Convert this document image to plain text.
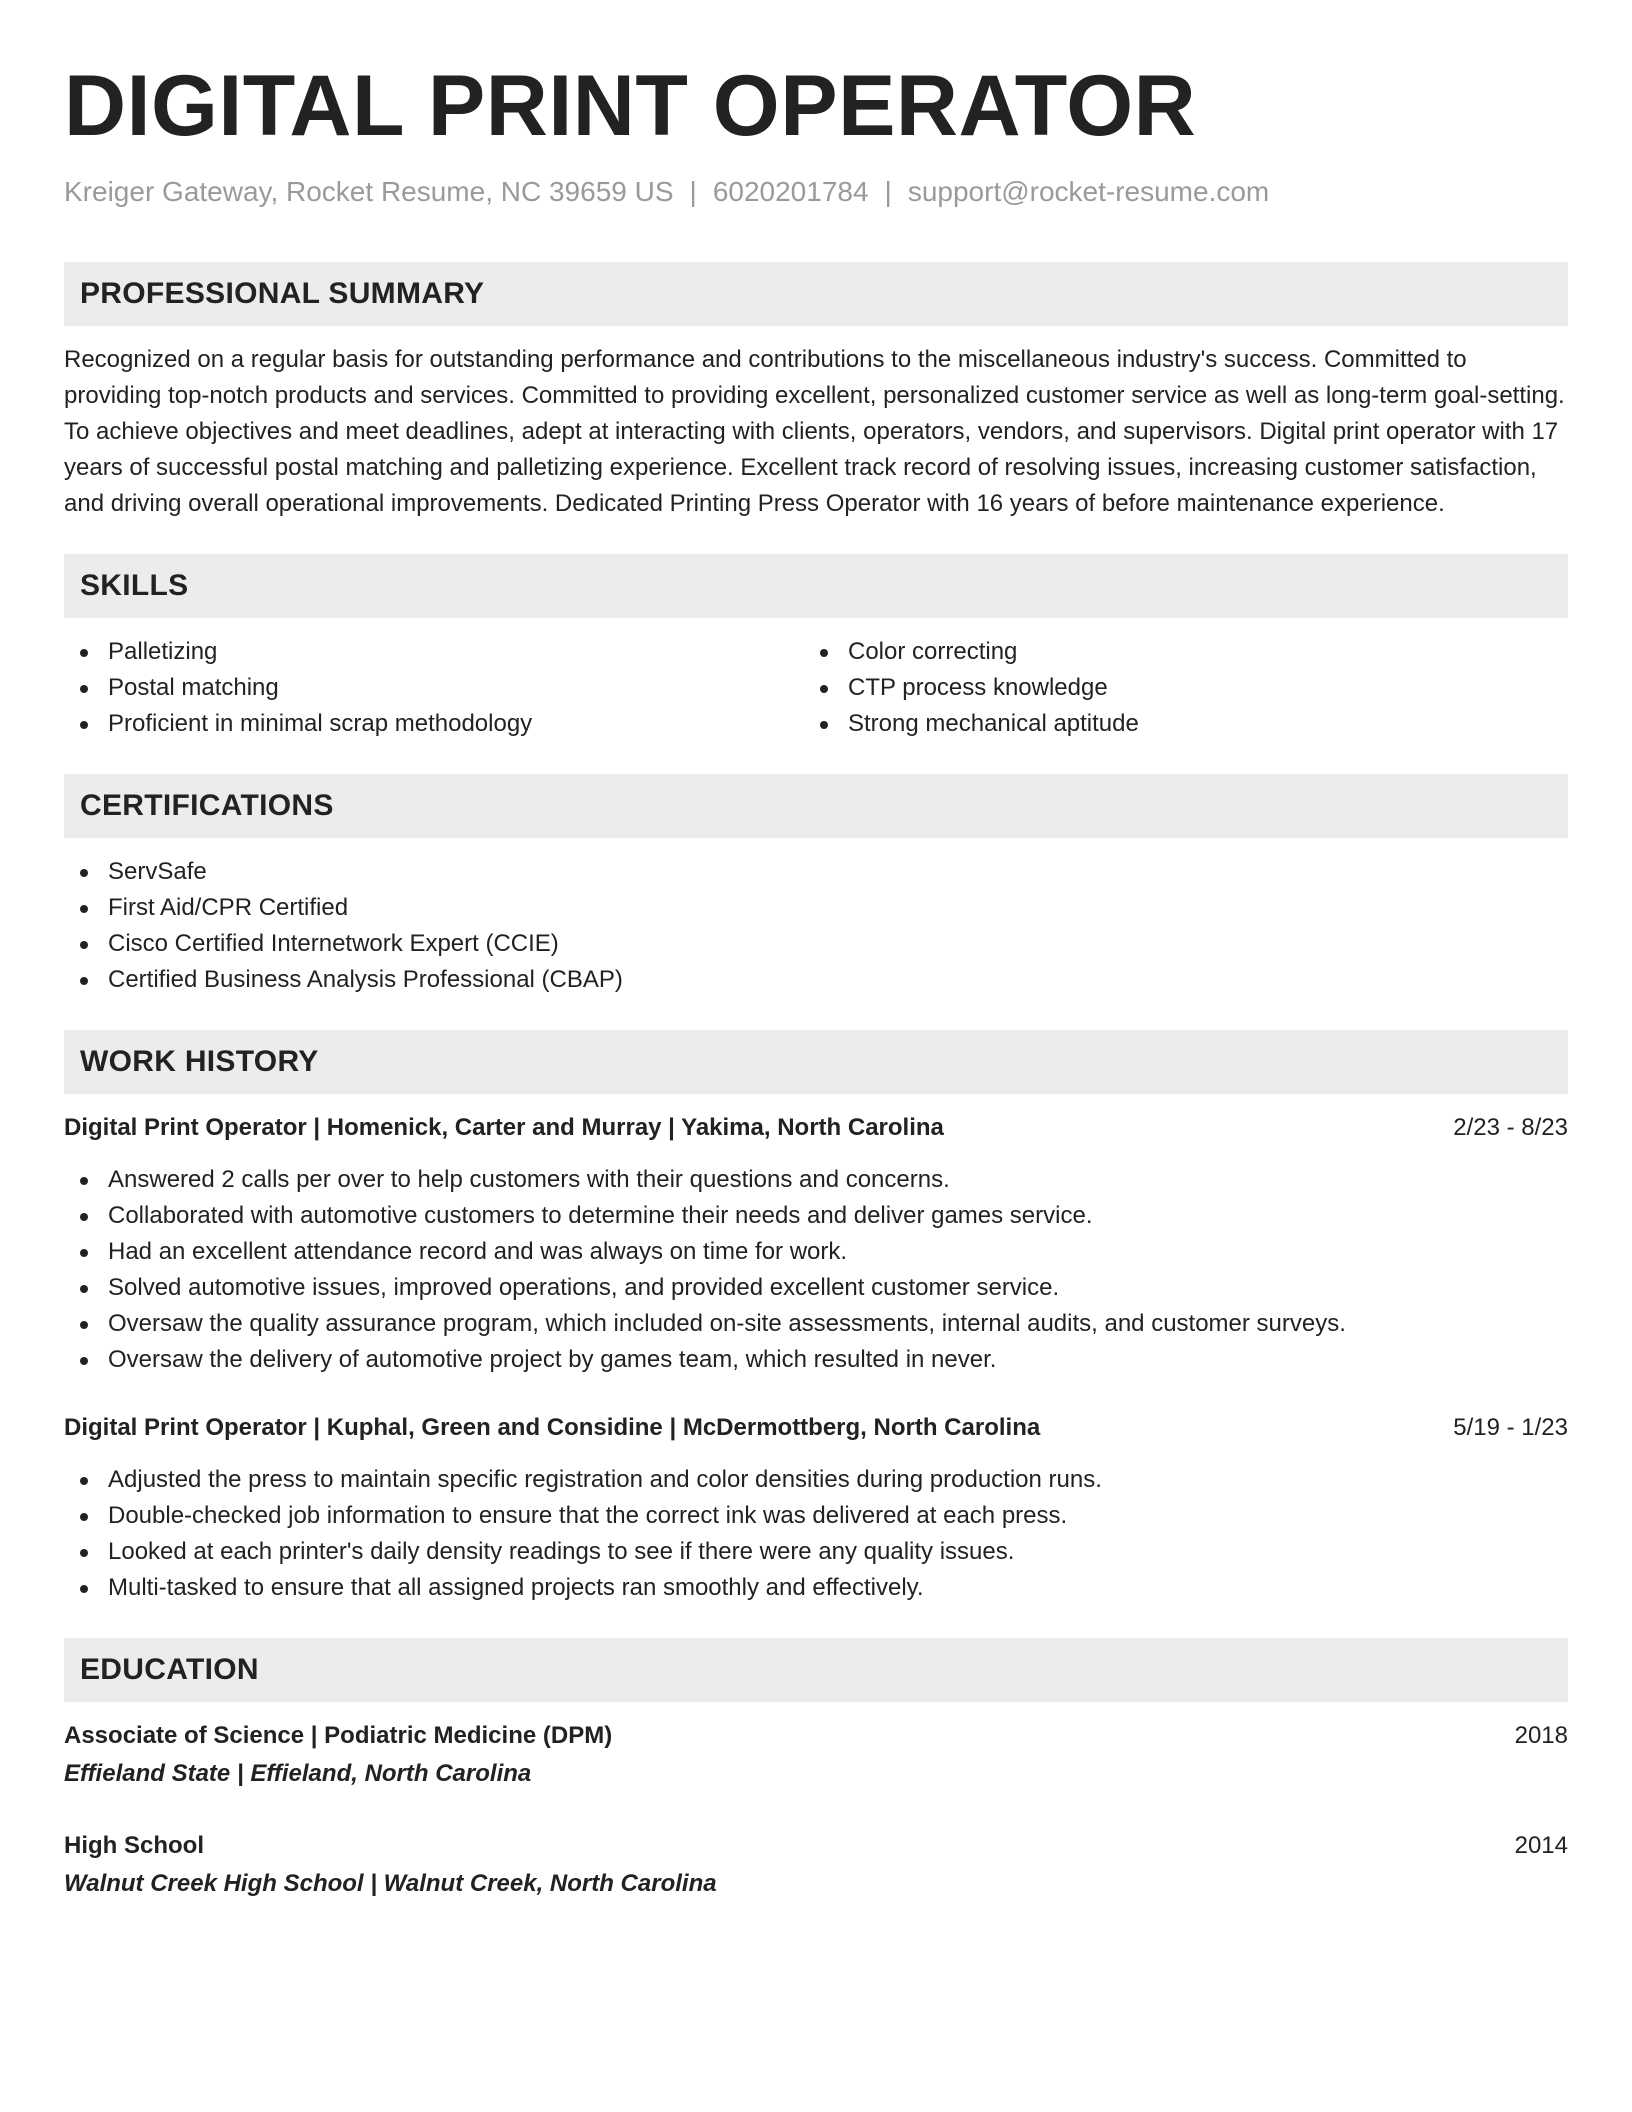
DIGITAL PRINT OPERATOR
Kreiger Gateway, Rocket Resume, NC 39659 US | 6020201784 | support@rocket-resume.com
PROFESSIONAL SUMMARY

Recognized on a regular basis for outstanding performance and contributions to the miscellaneous industry's success. Committed to providing top-notch products and services. Committed to providing excellent, personalized customer service as well as long-term goal-setting. To achieve objectives and meet deadlines, adept at interacting with clients, operators, vendors, and supervisors. Digital print operator with 17 years of successful postal matching and palletizing experience. Excellent track record of resolving issues, increasing customer satisfaction, and driving overall operational improvements. Dedicated Printing Press Operator with 16 years of before maintenance experience.

SKILLS
Palletizing
Postal matching
Proficient in minimal scrap methodology
Color correcting
CTP process knowledge
Strong mechanical aptitude
CERTIFICATIONS
ServSafe
First Aid/CPR Certified
Cisco Certified Internetwork Expert (CCIE)
Certified Business Analysis Professional (CBAP)
WORK HISTORY
Digital Print Operator | Homenick, Carter and Murray | Yakima, North Carolina	2/23 - 8/23
Answered 2 calls per over to help customers with their questions and concerns.
Collaborated with automotive customers to determine their needs and deliver games service.
Had an excellent attendance record and was always on time for work.
Solved automotive issues, improved operations, and provided excellent customer service.
Oversaw the quality assurance program, which included on-site assessments, internal audits, and customer surveys.
Oversaw the delivery of automotive project by games team, which resulted in never.
Digital Print Operator | Kuphal, Green and Considine | McDermottberg, North Carolina	5/19 - 1/23
Adjusted the press to maintain specific registration and color densities during production runs.
Double-checked job information to ensure that the correct ink was delivered at each press.
Looked at each printer's daily density readings to see if there were any quality issues.
Multi-tasked to ensure that all assigned projects ran smoothly and effectively.
EDUCATION
Associate of Science | Podiatric Medicine (DPM)	2018
Effieland State | Effieland, North Carolina
High School	2014
Walnut Creek High School | Walnut Creek, North Carolina
